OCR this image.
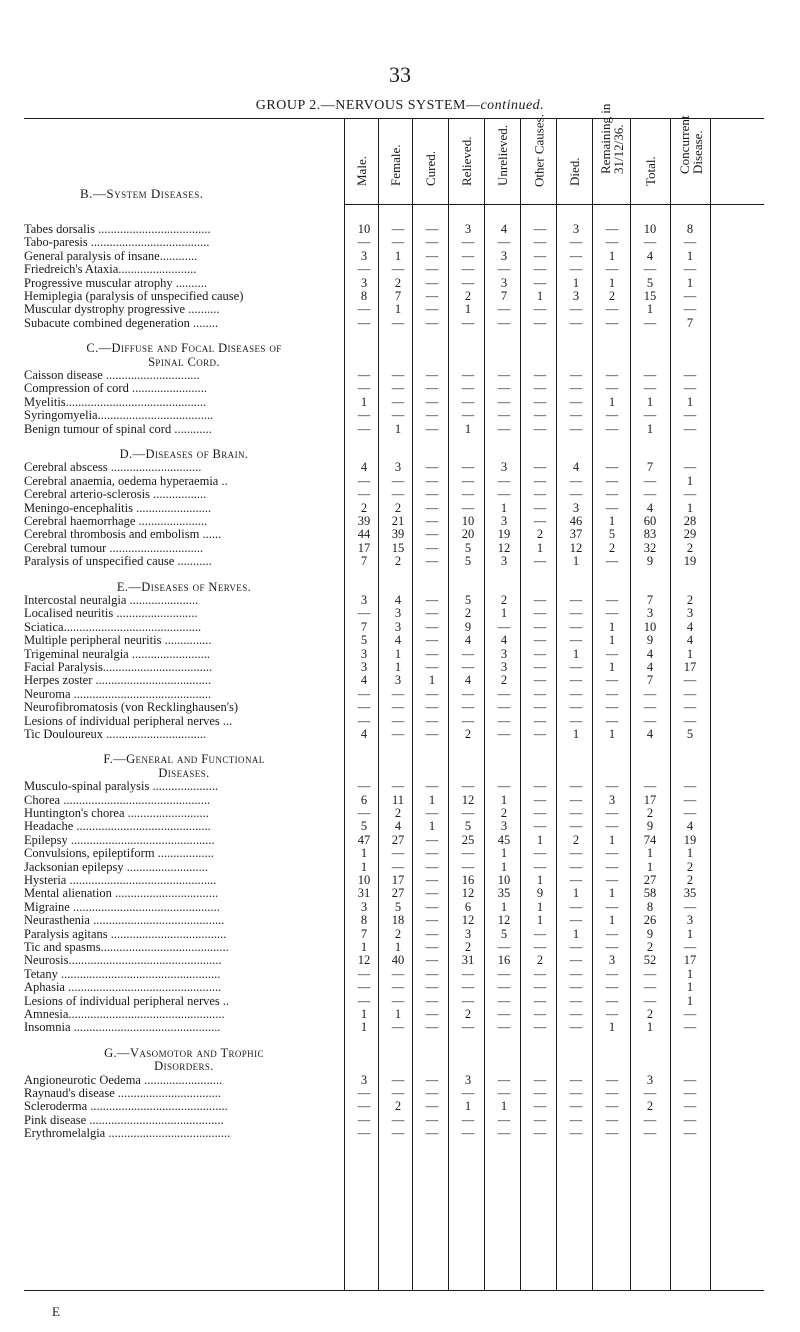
33
GROUP 2.—NERVOUS SYSTEM—continued.
Male. Female. Cured. Relieved. Unrelieved. Other Causes. Died. Remaining in 31/12/36. Total. Concurrent Disease.
B.—System Diseases.
Tabes dorsalis ....................................	10	—	—	3	4	—	3	—	10	8
Tabo-paresis ......................................	—	—	—	—	—	—	—	—	—	—
General paralysis of insane............	3	1	—	—	3	—	—	1	4	1
Friedreich's Ataxia.........................	—	—	—	—	—	—	—	—	—	—
Progressive muscular atrophy ..........	3	2	—	—	3	—	1	1	5	1
Hemiplegia (paralysis of unspecified cause)	8	7	—	2	7	1	3	2	15	—
Muscular dystrophy progressive ..........	—	1	—	1	—	—	—	—	1	—
Subacute combined degeneration ........	—	—	—	—	—	—	—	—	—	7
C.—Diffuse and Focal Diseases of
Spinal Cord.
Caisson disease ..............................	—	—	—	—	—	—	—	—	—	—
Compression of cord ........................	—	—	—	—	—	—	—	—	—	—
Myelitis.............................................	1	—	—	—	—	—	—	1	1	1
Syringomyelia.....................................	—	—	—	—	—	—	—	—	—	—
Benign tumour of spinal cord ............	—	1	—	1	—	—	—	—	1	—
D.—Diseases of Brain.
Cerebral abscess .............................	4	3	—	—	3	—	4	—	7	—
Cerebral anaemia, oedema hyperaemia ..	—	—	—	—	—	—	—	—	—	1
Cerebral arterio-sclerosis .................	—	—	—	—	—	—	—	—	—	—
Meningo-encephalitis ........................	2	2	—	—	1	—	3	—	4	1
Cerebral haemorrhage ......................	39	21	—	10	3	—	46	1	60	28
Cerebral thrombosis and embolism ......	44	39	—	20	19	2	37	5	83	29
Cerebral tumour ..............................	17	15	—	5	12	1	12	2	32	2
Paralysis of unspecified cause ...........	7	2	—	5	3	—	1	—	9	19
E.—Diseases of Nerves.
Intercostal neuralgia ......................	3	4	—	5	2	—	—	—	7	2
Localised neuritis ..........................	—	3	—	2	1	—	—	—	3	3
Sciatica............................................	7	3	—	9	—	—	—	1	10	4
Multiple peripheral neuritis ...............	5	4	—	4	4	—	—	1	9	4
Trigeminal neuralgia .........................	3	1	—	—	3	—	1	—	4	1
Facial Paralysis...................................	3	1	—	—	3	—	—	1	4	17
Herpes zoster .....................................	4	3	1	4	2	—	—	—	7	—
Neuroma ............................................	—	—	—	—	—	—	—	—	—	—
Neurofibromatosis (von Recklinghausen's)	—	—	—	—	—	—	—	—	—	—
Lesions of individual peripheral nerves ...	—	—	—	—	—	—	—	—	—	—
Tic Douloureux ................................	4	—	—	2	—	—	1	1	4	5
F.—General and Functional
Diseases.
Musculo-spinal paralysis .....................	—	—	—	—	—	—	—	—	—	—
Chorea ...............................................	6	11	1	12	1	—	—	3	17	—
Huntington's chorea ..........................	—	2	—	—	2	—	—	—	2	—
Headache ...........................................	5	4	1	5	3	—	—	—	9	4
Epilepsy ..............................................	47	27	—	25	45	1	2	1	74	19
Convulsions, epileptiform ..................	1	—	—	—	1	—	—	—	1	1
Jacksonian epilepsy ..........................	1	—	—	—	1	—	—	—	1	2
Hysteria ...............................................	10	17	—	16	10	1	—	—	27	2
Mental alienation .................................	31	27	—	12	35	9	1	1	58	35
Migraine ...............................................	3	5	—	6	1	1	—	—	8	—
Neurasthenia ..........................................	8	18	—	12	12	1	—	1	26	3
Paralysis agitans .....................................	7	2	—	3	5	—	1	—	9	1
Tic and spasms.........................................	1	1	—	2	—	—	—	—	2	—
Neurosis.................................................	12	40	—	31	16	2	—	3	52	17
Tetany ...................................................	—	—	—	—	—	—	—	—	—	1
Aphasia .................................................	—	—	—	—	—	—	—	—	—	1
Lesions of individual peripheral nerves ..	—	—	—	—	—	—	—	—	—	1
Amnesia..................................................	1	1	—	2	—	—	—	—	2	—
Insomnia ...............................................	1	—	—	—	—	—	—	1	1	—
G.—Vasomotor and Trophic
Disorders.
Angioneurotic Oedema .........................	3	—	—	3	—	—	—	—	3	—
Raynaud's disease .................................	—	—	—	—	—	—	—	—	—	—
Scleroderma ............................................	—	2	—	1	1	—	—	—	2	—
Pink disease ...........................................	—	—	—	—	—	—	—	—	—	—
Erythromelalgia .......................................	—	—	—	—	—	—	—	—	—	—
E
